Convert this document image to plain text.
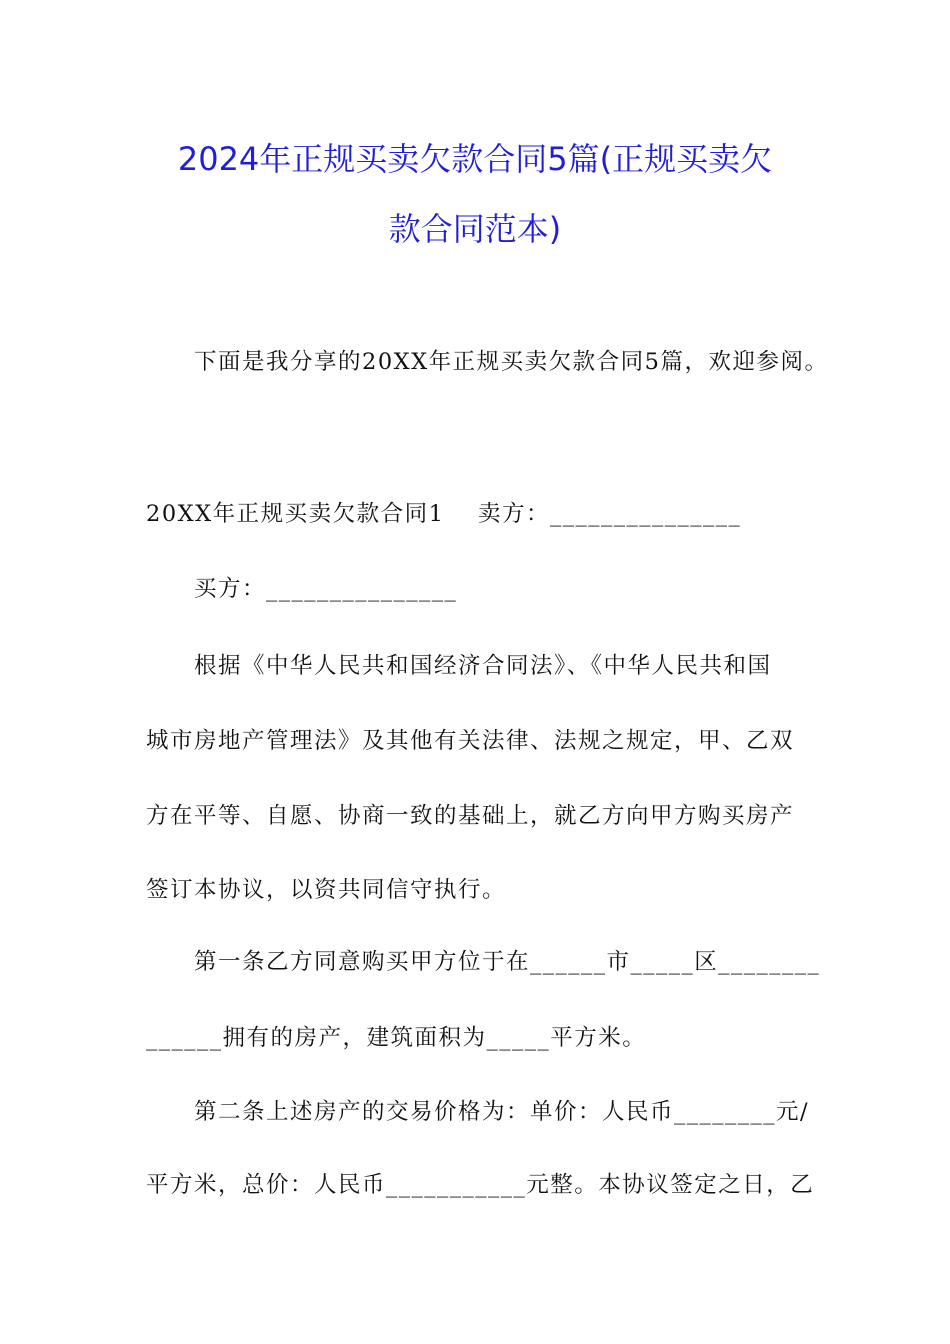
2024年正规买卖欠款合同5篇(正规买卖欠
款合同范本)
下面是我分享的20XX年正规买卖欠款合同5篇，欢迎参阅。
20XX年正规买卖欠款合同1 卖方：_______________
买方：_______________
根据《中华人民共和国经济合同法》、《中华人民共和国
城市房地产管理法》及其他有关法律、法规之规定，甲、乙双
方在平等、自愿、协商一致的基础上，就乙方向甲方购买房产
签订本协议，以资共同信守执行。
第一条乙方同意购买甲方位于在______市_____区________
______拥有的房产，建筑面积为_____平方米。
第二条上述房产的交易价格为：单价：人民币________元/
平方米，总价：人民币___________元整。本协议签定之日，乙
